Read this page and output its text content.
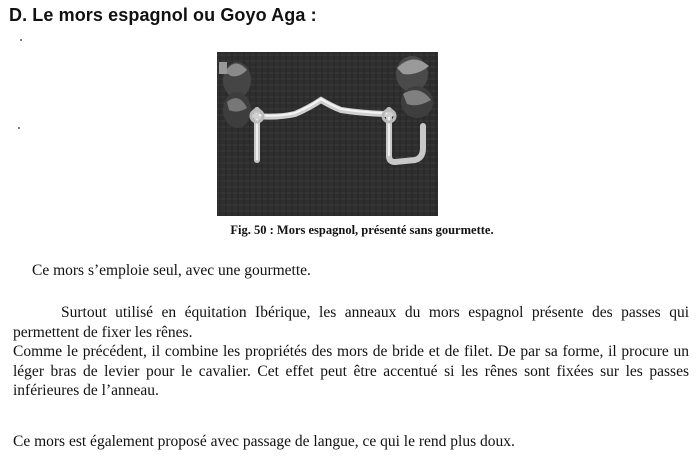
D. Le mors espagnol ou Goyo Aga :

Fig. 50 : Mors espagnol, présenté sans gourmette.

Ce mors s’emploie seul, avec une gourmette.

Surtout utilisé en équitation Ibérique, les anneaux du mors espagnol présente des passes qui permettent de fixer les rênes.
Comme le précédent, il combine les propriétés des mors de bride et de filet. De par sa forme, il procure un léger bras de levier pour le cavalier. Cet effet peut être accentué si les rênes sont fixées sur les passes inférieures de l’anneau.

Ce mors est également proposé avec passage de langue, ce qui le rend plus doux.
